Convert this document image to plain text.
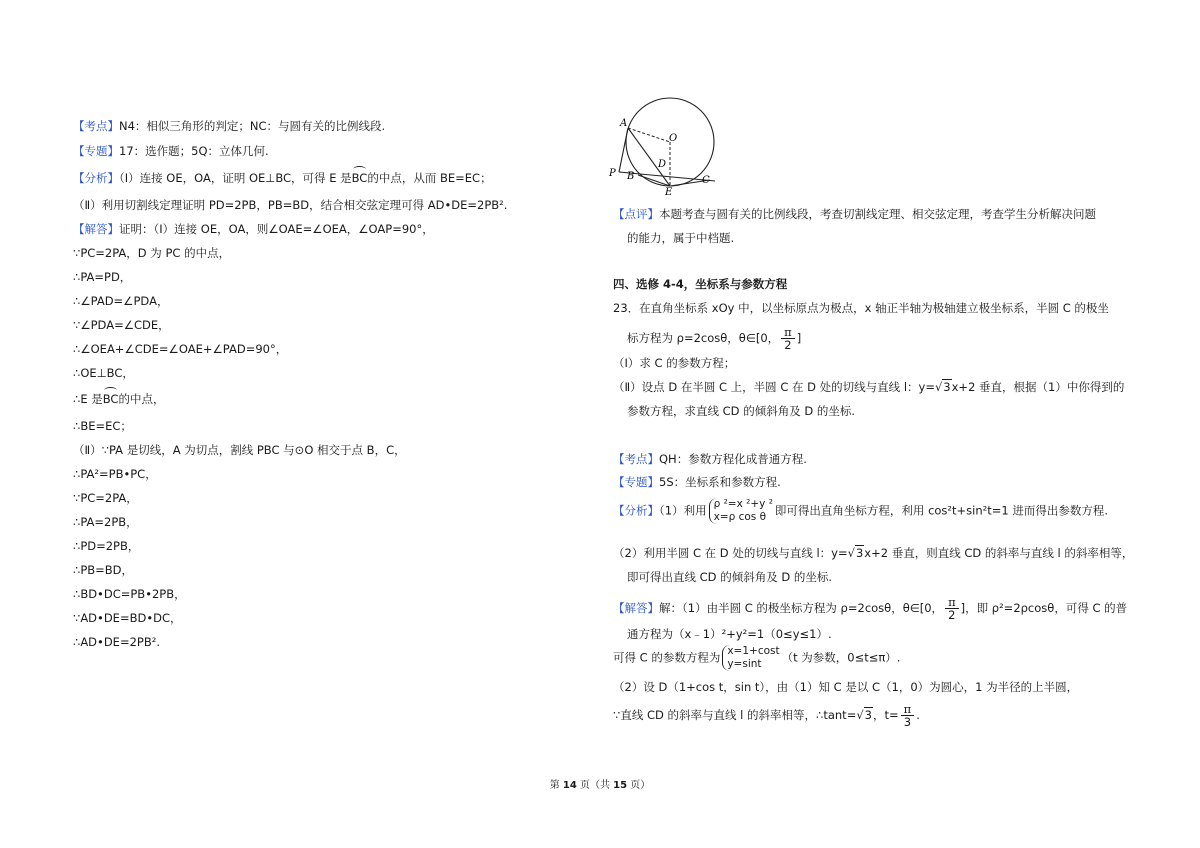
【考点】N4：相似三角形的判定；NC：与圆有关的比例线段.
【专题】17：选作题；5Q：立体几何.
【分析】（Ⅰ）连接 OE，OA，证明 OE⊥BC，可得 E 是BC的中点，从而 BE=EC；
（Ⅱ）利用切割线定理证明 PD=2PB，PB=BD，结合相交弦定理可得 AD•DE=2PB².
【解答】证明：（Ⅰ）连接 OE，OA，则∠OAE=∠OEA，∠OAP=90°，
∵PC=2PA，D 为 PC 的中点，
∴PA=PD，
∴∠PAD=∠PDA，
∵∠PDA=∠CDE，
∴∠OEA+∠CDE=∠OAE+∠PAD=90°，
∴OE⊥BC，
∴E 是BC的中点，
∴BE=EC；
（Ⅱ）∵PA 是切线，A 为切点，割线 PBC 与⊙O 相交于点 B，C，
∴PA²=PB•PC，
∵PC=2PA，
∴PA=2PB，
∴PD=2PB，
∴PB=BD，
∴BD•DC=PB•2PB，
∵AD•DE=BD•DC，
∴AD•DE=2PB².
A
O
D
P B
E
C
【点评】本题考查与圆有关的比例线段，考查切割线定理、相交弦定理，考查学生分析解决问题
的能力，属于中档题.
四、选修 4-4，坐标系与参数方程
23．在直角坐标系 xOy 中，以坐标原点为极点，x 轴正半轴为极轴建立极坐标系，半圆 C 的极坐
标方程为 ρ=2cosθ，θ∈[0， $\frac{\pi}{2}$ ]
（Ⅰ）求 C 的参数方程；
（Ⅱ）设点 D 在半圆 C 上，半圆 C 在 D 处的切线与直线 l：y=√3x+2 垂直，根据（1）中你得到的
参数方程，求直线 CD 的倾斜角及 D 的坐标.
【考点】QH：参数方程化成普通方程.
【专题】5S：坐标系和参数方程.
【分析】（1）利用 ρ ²=x ²+y ²
x=ρ cos θ 即可得出直角坐标方程，利用 cos²t+sin²t=1 进而得出参数方程.
（2）利用半圆 C 在 D 处的切线与直线 l：y=√3x+2 垂直，则直线 CD 的斜率与直线 l 的斜率相等，
即可得出直线 CD 的倾斜角及 D 的坐标.
【解答】解：（1）由半圆 C 的极坐标方程为 ρ=2cosθ，θ∈[0， $\frac{\pi}{2}$ ]，即 ρ²=2ρcosθ，可得 C 的普
通方程为（x﹣1）²+y²=1（0≤y≤1）.
可得 C 的参数方程为 x=1+cost
y=sint	（t 为参数，0≤t≤π）.
（2）设 D（1+cos t，sin t），由（1）知 C 是以 C（1，0）为圆心，1 为半径的上半圆，
∵直线 CD 的斜率与直线 l 的斜率相等，∴tant=√3，$t= \frac{\pi}{3}$ .
第 14 页（共 15 页）
